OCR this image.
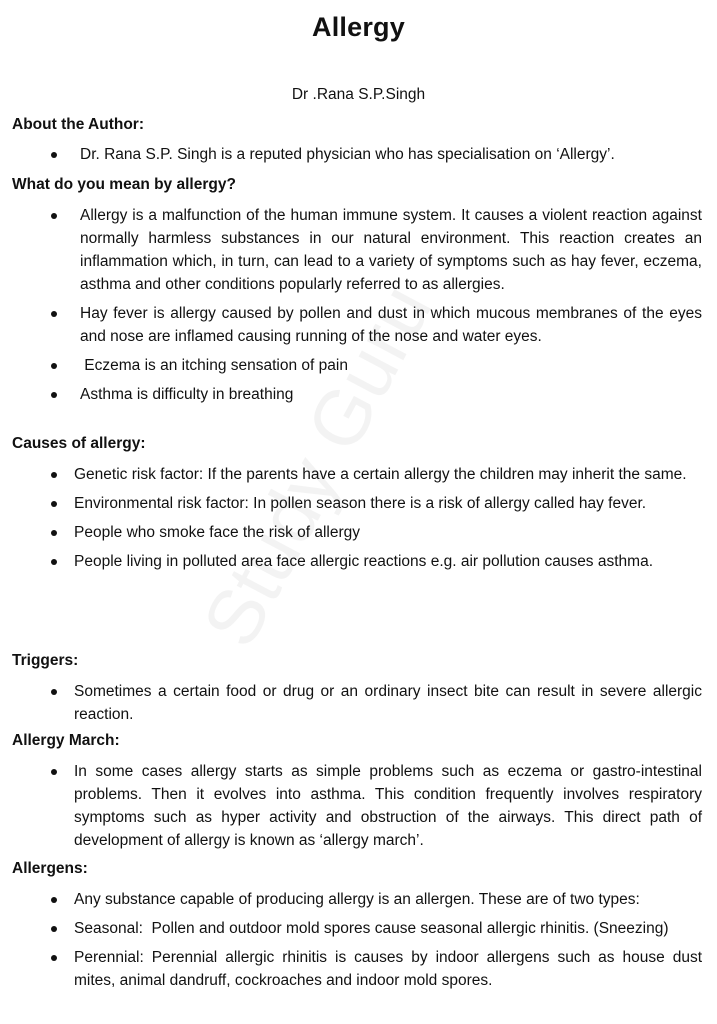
Allergy
Dr .Rana S.P.Singh

About the Author:

Dr. Rana S.P. Singh is a reputed physician who has specialisation on ‘Allergy’.

What do you mean by allergy?

Allergy is a malfunction of the human immune system. It causes a violent reaction against normally harmless substances in our natural environment. This reaction creates an inflammation which, in turn, can lead to a variety of symptoms such as hay fever, eczema, asthma and other conditions popularly referred to as allergies.
Hay fever is allergy caused by pollen and dust in which mucous membranes of the eyes and nose are inflamed causing running of the nose and water eyes.
Eczema is an itching sensation of pain
Asthma is difficulty in breathing

Causes of allergy:

Genetic risk factor: If the parents have a certain allergy the children may inherit the same.
Environmental risk factor: In pollen season there is a risk of allergy called hay fever.
People who smoke face the risk of allergy
People living in polluted area face allergic reactions e.g. air pollution causes asthma.

Triggers:

Sometimes a certain food or drug or an ordinary insect bite can result in severe allergic reaction.

Allergy March:

In some cases allergy starts as simple problems such as eczema or gastro-intestinal problems. Then it evolves into asthma. This condition frequently involves respiratory symptoms such as hyper activity and obstruction of the airways. This direct path of development of allergy is known as ‘allergy march’.

Allergens:

Any substance capable of producing allergy is an allergen. These are of two types:
Seasonal:  Pollen and outdoor mold spores cause seasonal allergic rhinitis. (Sneezing)
Perennial: Perennial allergic rhinitis is causes by indoor allergens such as house dust mites, animal dandruff, cockroaches and indoor mold spores.
